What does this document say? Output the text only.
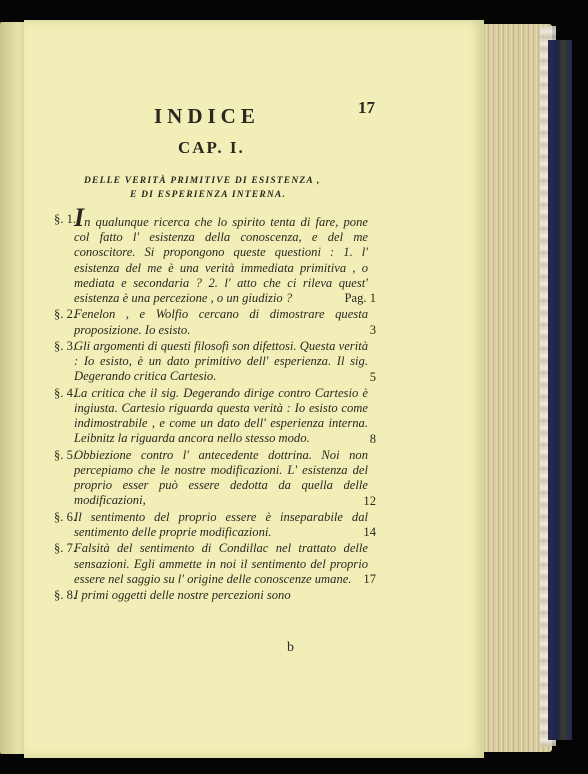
INDICE	17

CAP. I.

DELLE VERITÀ PRIMITIVE DI ESISTENZA ,

E DI ESPERIENZA INTERNA.

§. 1.
In qualunque ricerca che lo spirito tenta di fare, pone col fatto l' esistenza della conoscenza, e del me conoscitore. Si propongono queste questioni : 1. l' esistenza del me è una verità immediata primitiva , o mediata e secondaria ? 2. l' atto che ci rileva quest' esistenza è una percezione , o un giudizio ?	Pag. 1
§. 2.
Fenelon , e Wolfio cercano di dimostrare questa proposizione. Io esisto.	3
§. 3.
Gli argomenti di questi filosofi son difettosi. Questa verità : Io esisto, è un dato primitivo dell' esperienza. Il sig. Degerando critica Cartesio.	5
§. 4.
La critica che il sig. Degerando dirige contro Cartesio è ingiusta. Cartesio riguarda questa verità : Io esisto come indimostrabile , e come un dato dell' esperienza interna. Leibnitz la riguarda ancora nello stesso modo.	8
§. 5.
Obbiezione contro l' antecedente dottrina. Noi non percepiamo che le nostre modificazioni. L' esistenza del proprio esser può essere dedotta da quella delle modificazioni,	12
§. 6.
Il sentimento del proprio essere è inseparabile dal sentimento delle proprie modificazioni.	14
§. 7.
Falsità del sentimento di Condillac nel trattato delle sensazioni. Egli ammette in noi il sentimento del proprio essere nel saggio su l' origine delle conoscenze umane. 17
§. 8.
I primi oggetti delle nostre percezioni sono

b
